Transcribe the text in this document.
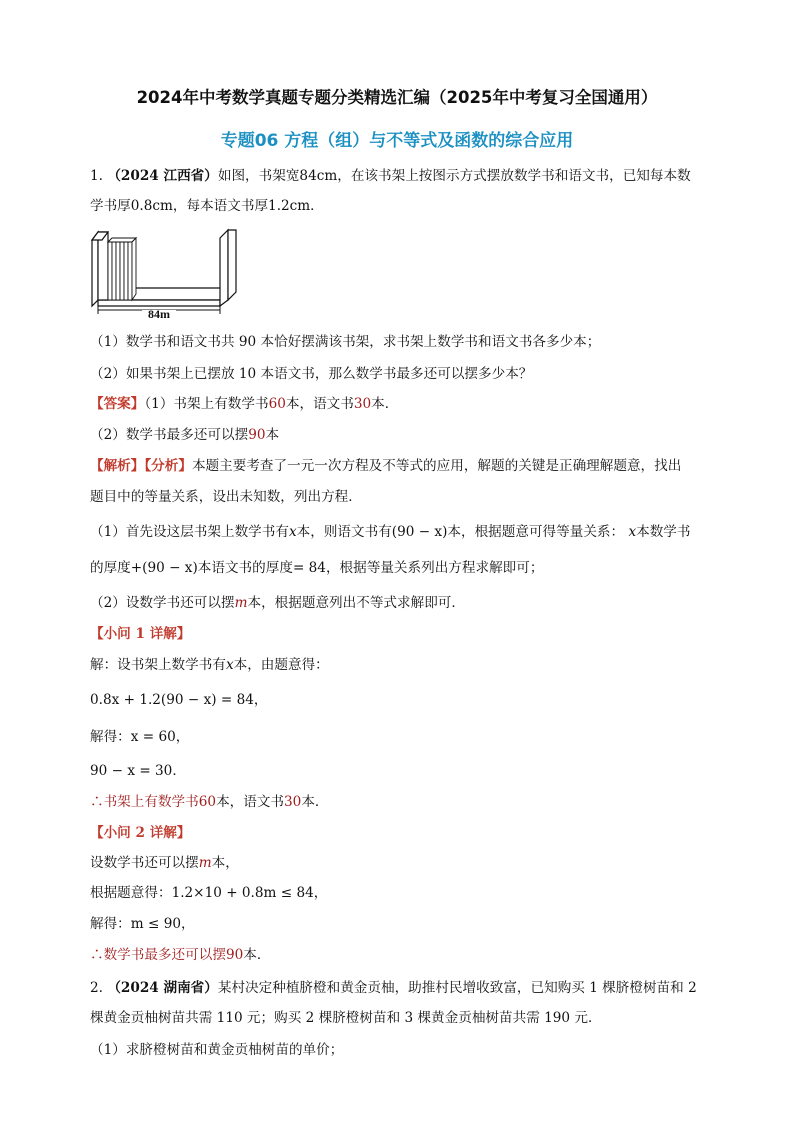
2024年中考数学真题专题分类精选汇编（2025年中考复习全国通用）
专题06 方程（组）与不等式及函数的综合应用
1. （2024 江西省）如图，书架宽84cm，在该书架上按图示方式摆放数学书和语文书，已知每本数
学书厚0.8cm，每本语文书厚1.2cm．
84m
（1）数学书和语文书共 90 本恰好摆满该书架，求书架上数学书和语文书各多少本；
（2）如果书架上已摆放 10 本语文书，那么数学书最多还可以摆多少本？
【答案】（1）书架上有数学书60本，语文书30本．
（2）数学书最多还可以摆90本
【解析】【分析】本题主要考查了一元一次方程及不等式的应用，解题的关键是正确理解题意，找出
题目中的等量关系，设出未知数，列出方程．
（1）首先设这层书架上数学书有x本，则语文书有(90 − x)本，根据题意可得等量关系： x本数学书
的厚度+(90 − x)本语文书的厚度= 84，根据等量关系列出方程求解即可；
（2）设数学书还可以摆m本，根据题意列出不等式求解即可．
【小问 1 详解】
解：设书架上数学书有x本，由题意得：
0.8x + 1.2(90 − x) = 84，
解得：x = 60，
90 − x = 30．
∴书架上有数学书60本，语文书30本．
【小问 2 详解】
设数学书还可以摆m本，
根据题意得：1.2×10 + 0.8m ≤ 84，
解得：m ≤ 90，
∴数学书最多还可以摆90本．
2. （2024 湖南省）某村决定种植脐橙和黄金贡柚，助推村民增收致富，已知购买 1 棵脐橙树苗和 2
棵黄金贡柚树苗共需 110 元；购买 2 棵脐橙树苗和 3 棵黄金贡柚树苗共需 190 元．
（1）求脐橙树苗和黄金贡柚树苗的单价；
